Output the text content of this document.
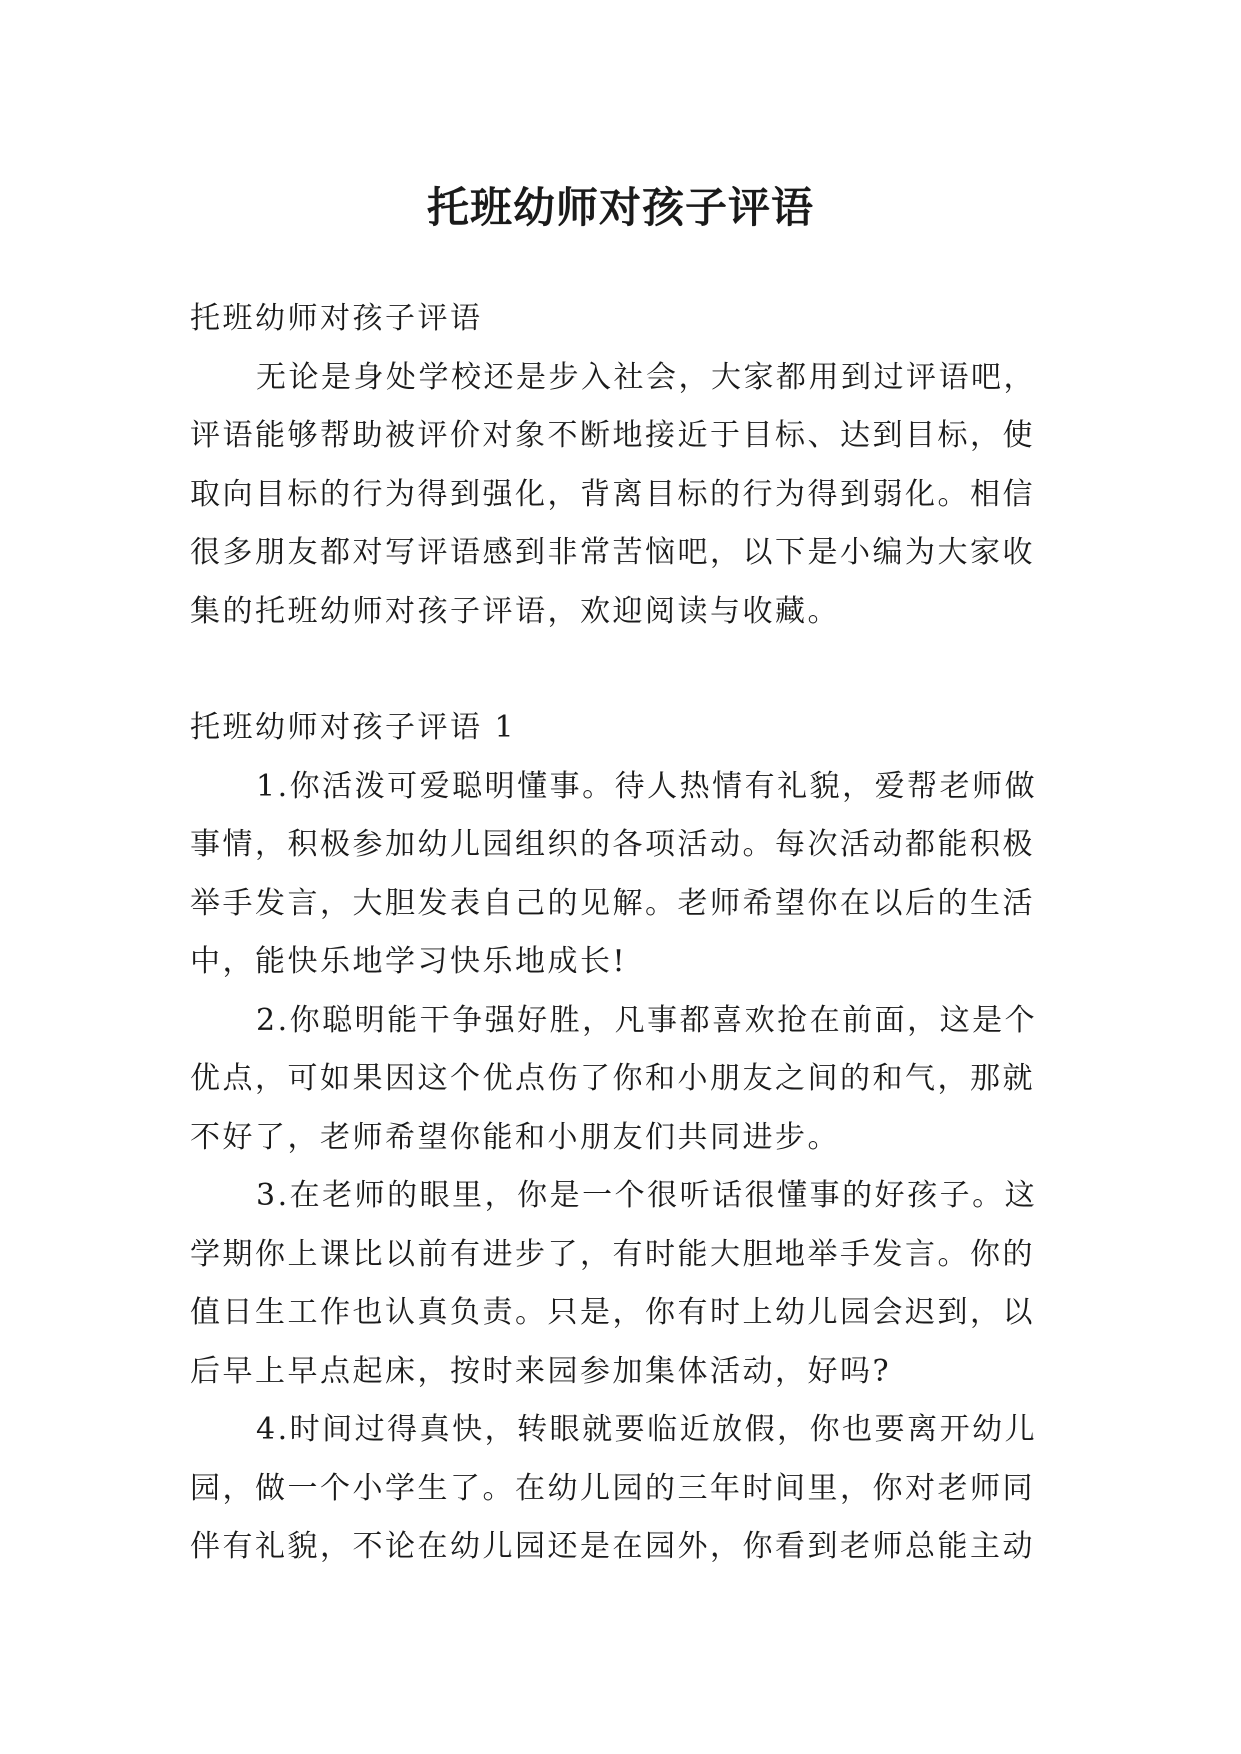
托班幼师对孩子评语

托班幼师对孩子评语

无论是身处学校还是步入社会，大家都用到过评语吧，评语能够帮助被评价对象不断地接近于目标、达到目标，使取向目标的行为得到强化，背离目标的行为得到弱化。相信很多朋友都对写评语感到非常苦恼吧，以下是小编为大家收集的托班幼师对孩子评语，欢迎阅读与收藏。

托班幼师对孩子评语 1

1.你活泼可爱聪明懂事。待人热情有礼貌，爱帮老师做事情，积极参加幼儿园组织的各项活动。每次活动都能积极举手发言，大胆发表自己的见解。老师希望你在以后的生活中，能快乐地学习快乐地成长!

2.你聪明能干争强好胜，凡事都喜欢抢在前面，这是个优点，可如果因这个优点伤了你和小朋友之间的和气，那就不好了，老师希望你能和小朋友们共同进步。

3.在老师的眼里，你是一个很听话很懂事的好孩子。这学期你上课比以前有进步了，有时能大胆地举手发言。你的值日生工作也认真负责。只是，你有时上幼儿园会迟到，以后早上早点起床，按时来园参加集体活动，好吗?

4.时间过得真快，转眼就要临近放假，你也要离开幼儿园，做一个小学生了。在幼儿园的三年时间里，你对老师同伴有礼貌，不论在幼儿园还是在园外，你看到老师总能主动
